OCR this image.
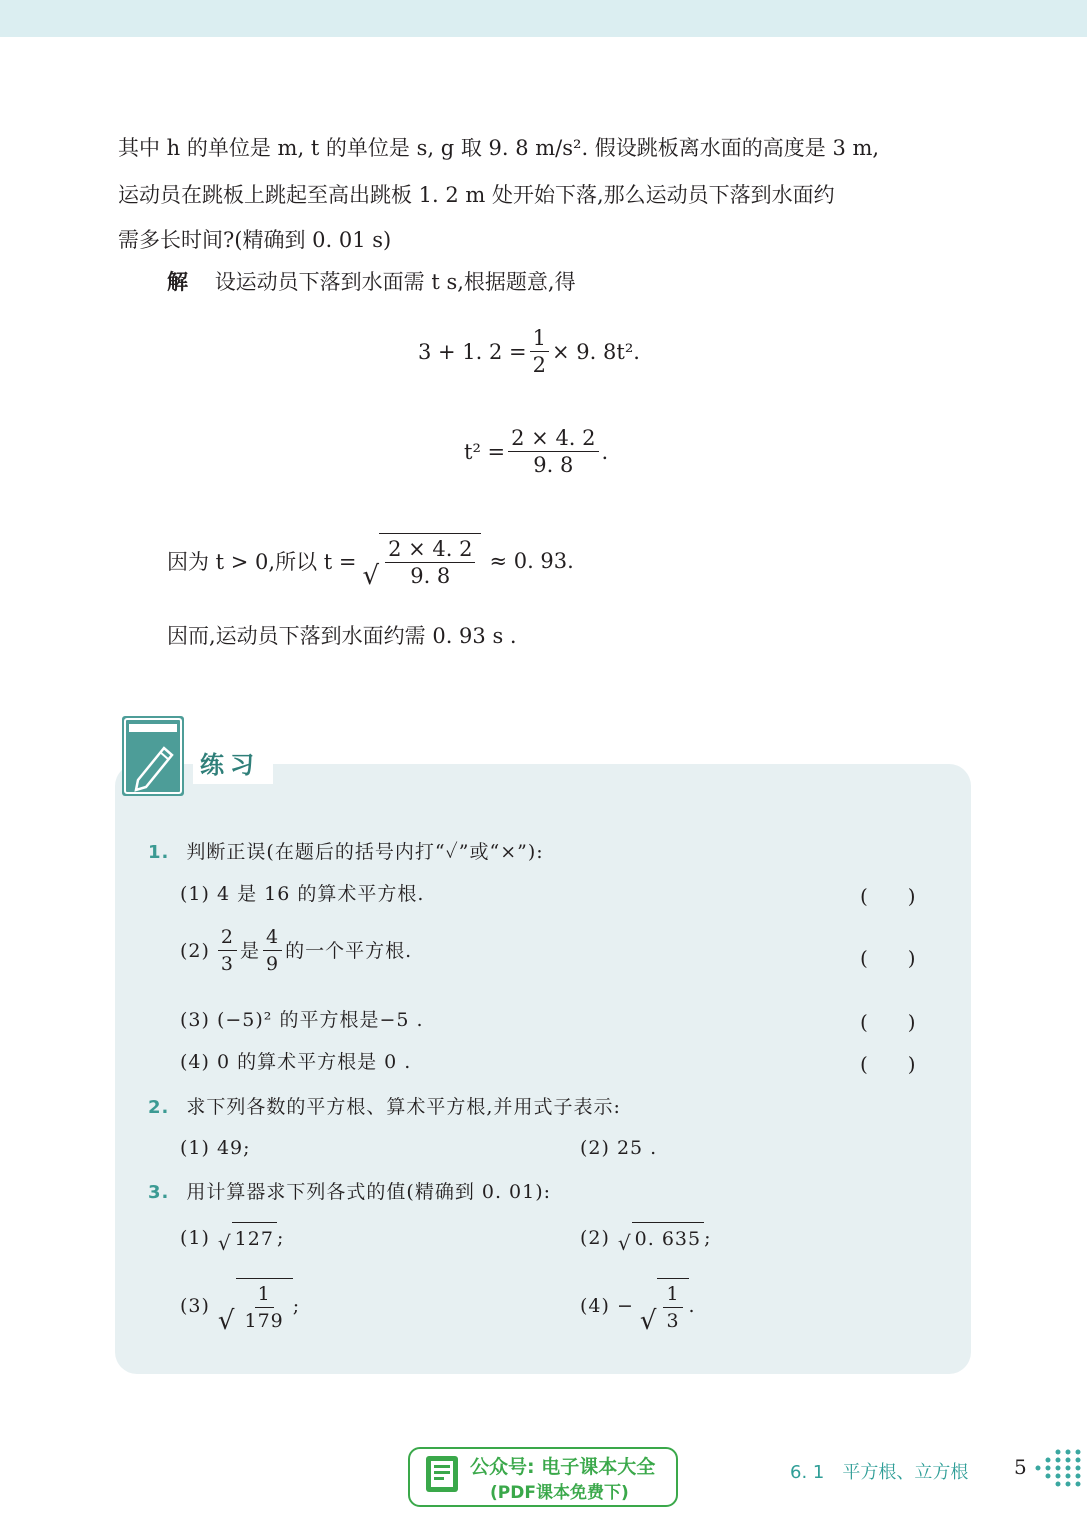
其中 h 的单位是 m, t 的单位是 s, g 取 9. 8 m/s². 假设跳板离水面的高度是 3 m,
运动员在跳板上跳起至高出跳板 1. 2 m 处开始下落,那么运动员下落到水面约
需多长时间?(精确到 0. 01 s)
解 设运动员下落到水面需 t s,根据题意,得
3 + 1. $2 = \frac{1}{2} \times 9$. 8t².
$t^2 = \frac{2 \times 4. 2}{9. 8}$ .
因为 t > 0,所以 t = √ $\frac{2 \times 4. 2}{9. 8} \approx 0$. 93.
因而,运动员下落到水面约需 0. 93 s .
练习
1. 判断正误(在题后的括号内打“✓”或“×”):
(1) 4 是 16 的算术平方根.	(　　)
$(2) \frac{2}{3}$ 是 $\frac{4}{9}$ 的一个平方根.	(　　)
(3) (−5)² 的平方根是−5 .	(　　)
(4) 0 的算术平方根是 0 .	(　　)
2. 求下列各数的平方根、算术平方根,并用式子表示:
(1) 49;	(2) 25 .
3. 用计算器求下列各式的值(精确到 0. 01):
(1) √ 127 ;	(2) √ 0. 635 ;
(3) √ $\frac{1}{179}$ ;	(4) − √ $\frac{1}{3}$ .
公众号: 电子课本大全
(PDF课本免费下)
6. 1　平方根、立方根 5
